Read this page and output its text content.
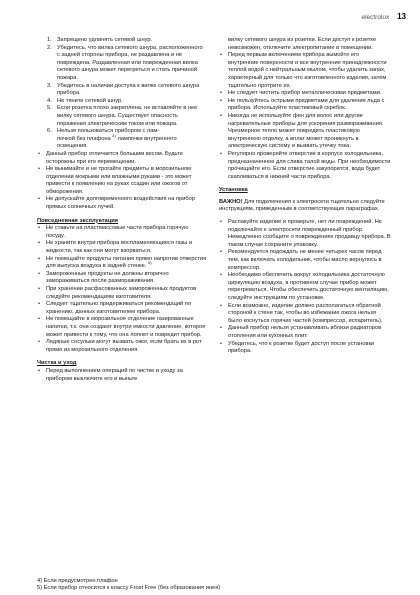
electrolux 13
Запрещено удлинять сетевой шнур.
Убедитесь, что вилка сетевого шнура, расположенного с задней стороны прибора, не раздавлена и не повреждена. Раздавленная или поврежденная вилка сетевого шнура может перегреться и стать причиной пожара.
Убедитесь в наличии доступа к вилке сетевого шнура прибора.
Не тяните сетевой шнур.
Если розетка плохо закреплена, не вставляйте в нее вилку сетевого шнура. Существует опасность поражения электрическим током или пожара.
Нельзя пользоваться прибором с лам-

почкой без плафона $^{4)}$ лампочки внутреннего освещения.

• Данный прибор отличается большим весом. Будьте осторожны при его перемещении.
• Не вынимайте и не трогайте предметы в морозильном отделении мокрыми или влажными руками - это может привести к появлению на руках ссадин или ожогов от обморожения.
• Не допускайте долговременного воздействия на прибор прямых солнечных лучей.

Повседневная эксплуатация

• Не ставьте на пластмассовые части прибора горячую посуду.
• Не храните внутри прибора воспламеняющиеся газы и жидкости, так как они могут взорваться.
• Не помещайте продукты питания прямо напротив отверстия для выпуска воздуха в задней стенке. $^{5)}$
• Замороженные продукты не должны вторично замораживаться после размораживания.
• При хранении расфасованных замороженных продуктов следуйте рекомендациям изготовителя.
• Следует тщательно придерживаться рекомендаций по хранению, данных изготовителем прибора.
• Не помещайте в морозильное отделение газированные напитки, т.к. они создают внутри емкости давление, которое может привести к тому, что она лопнет и повредит прибор.
• Ледяные сосульки могут вызвать ожог, если брать их в рот прямо из морозильного отделения.

Чистка и уход

• Перед выполнением операций по чистке и уходу за прибором выключите его и выньте

вилку сетевого шнура из розетки. Если доступ к розетке невозможен, отключите электропитание в помещении.

• Перед первым включением прибора вымойте его внутренние поверхности и все внутренние принадлежности теплой водой с нейтральным мылом, чтобы удалить запах, характерный для только что изготовленного изделия, затем тщательно протрите их.
• Не следует чистить прибор металлическими предметами.
• Не пользуйтесь острыми предметами для удаления льда с прибора. Используйте пластиковый скребок.
• Никогда не используйте фен для волос или другие нагревательные приборы для ускорения размораживания. Чрезмерное тепло может повредить пластиковую внутреннюю отделку, а вплаг может проникнуть в электрическую систему и вызвать утечку тока.
• Регулярно проверяйте отверстие в корпусе холодильника, предназначенное для слива талой воды. При необходимости прочищайте его. Если отверстие закупорится, вода будет скапливаться в нижней части прибора.

Установка

ВАЖНО! Для подключения к электросети тщательно следуйте инструкциям, приведенным в соответствующих параграфах.

• Распакуйте изделие и проверьте, нет ли повреждений. Не подключайте к электросети поврежденный прибор. Немедленно сообщите о повреждениях продавцу прибора. В таком случае сохраните упаковку.
• Рекомендуется подождать не менее четырех часов перед тем, как включать холодильник, чтобы масло вернулось в компрессор.
• Необходимо обеспечить вокруг холодильника достаточную циркуляцию воздуха, в противном случае прибор может перегреваться. Чтобы обеспечить достаточную вентиляцию, следуйте инструкциям по установке.
• Если возможно, изделие должно располагаться обратной стороной к стене так, чтобы во избежание ожога нельзя было коснуться горячих частей (компрессор, испаритель).
• Данный прибор нельзя устанавливать вблизи радиаторов отопления или кухонных плит.
• Убедитесь, что к розетке будет доступ после установки прибора.

4) Если предусмотрен плафон

5) Если прибор относится к классу Frost Free (без образования инея)
